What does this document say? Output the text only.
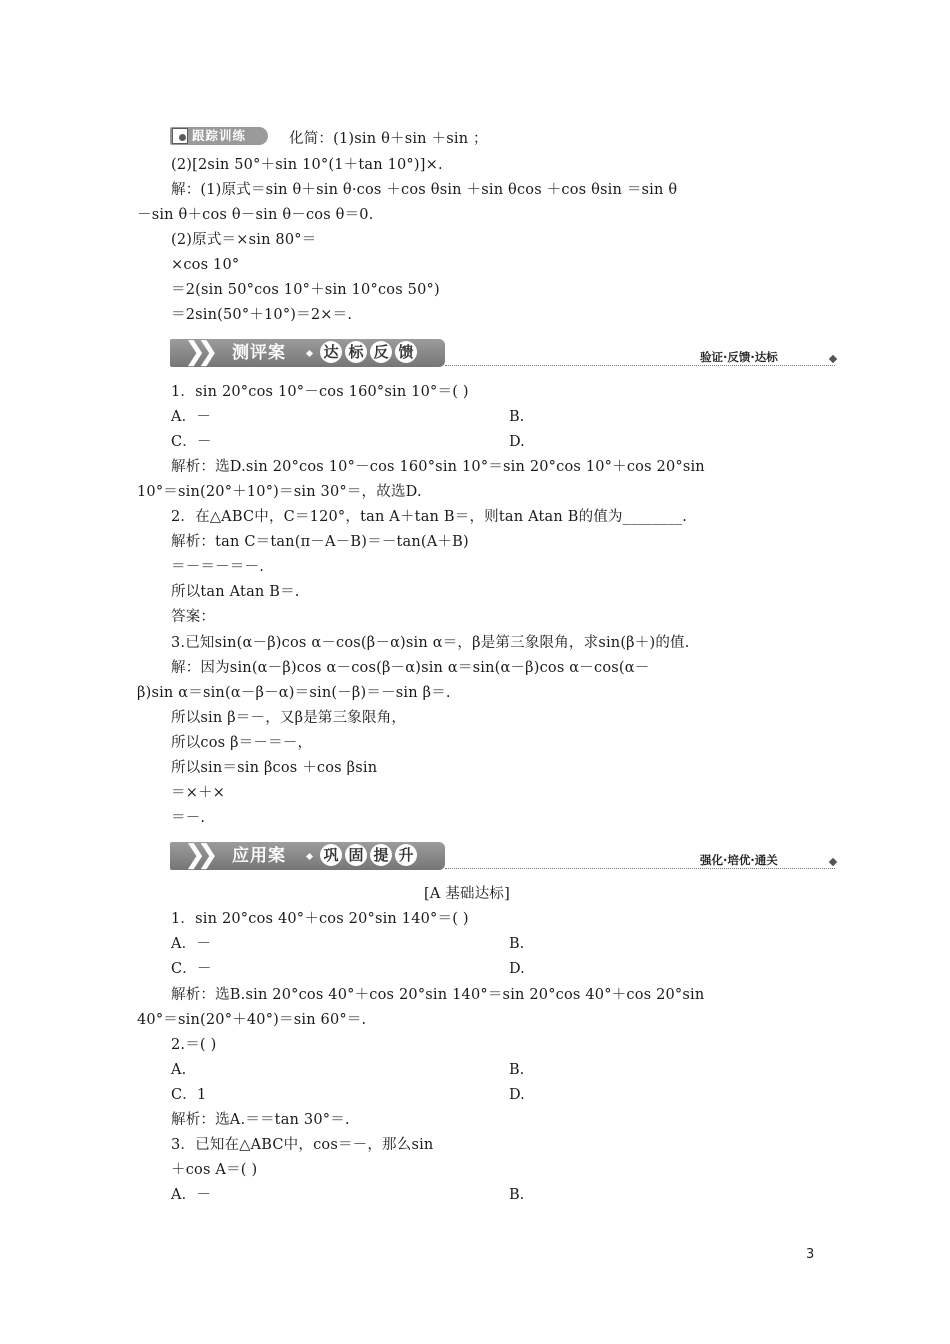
跟踪训练	化简：(1)sin θ＋sin ＋sin ；
(2)[2sin 50°＋sin 10°(1＋tan 10°)]×.
解：(1)原式＝sin θ＋sin θ·cos ＋cos θsin ＋sin θcos ＋cos θsin ＝sin θ
－sin θ＋cos θ－sin θ－cos θ＝0.
(2)原式＝×sin 80°＝
×cos 10°
＝2(sin 50°cos 10°＋sin 10°cos 50°)
＝2sin(50°＋10°)＝2×＝.
❯❯ 测评案 达 标 反 馈	验证·反馈·达标
1．sin 20°cos 10°－cos 160°sin 10°＝( )
A．－	B.
C．－	D.
解析：选D.sin 20°cos 10°－cos 160°sin 10°＝sin 20°cos 10°＋cos 20°sin
10°＝sin(20°＋10°)＝sin 30°＝，故选D.
2．在△ABC中，C＝120°，tan A＋tan B＝，则tan Atan B的值为________.
解析：tan C＝tan(π－A－B)＝－tan(A＋B)
＝－＝－＝－.
所以tan Atan B＝.
答案：
3.已知sin(α－β)cos α－cos(β－α)sin α＝，β是第三象限角，求sin(β＋)的值.
解：因为sin(α－β)cos α－cos(β－α)sin α＝sin(α－β)cos α－cos(α－
β)sin α＝sin(α－β－α)＝sin(－β)＝－sin β＝.
所以sin β＝－，又β是第三象限角，
所以cos β＝－＝－，
所以sin＝sin βcos ＋cos βsin
＝×＋×
＝－.
❯❯ 应用案 巩 固 提 升	强化·培优·通关
[A 基础达标]
1．sin 20°cos 40°＋cos 20°sin 140°＝( )
A．－	B.
C．－	D.
解析：选B.sin 20°cos 40°＋cos 20°sin 140°＝sin 20°cos 40°＋cos 20°sin
40°＝sin(20°＋40°)＝sin 60°＝.
2.＝( )
A.	B.
C．1	D.
解析：选A.＝＝tan 30°＝.
3．已知在△ABC中，cos＝－，那么sin
＋cos A＝( )
A．－	B.
3
